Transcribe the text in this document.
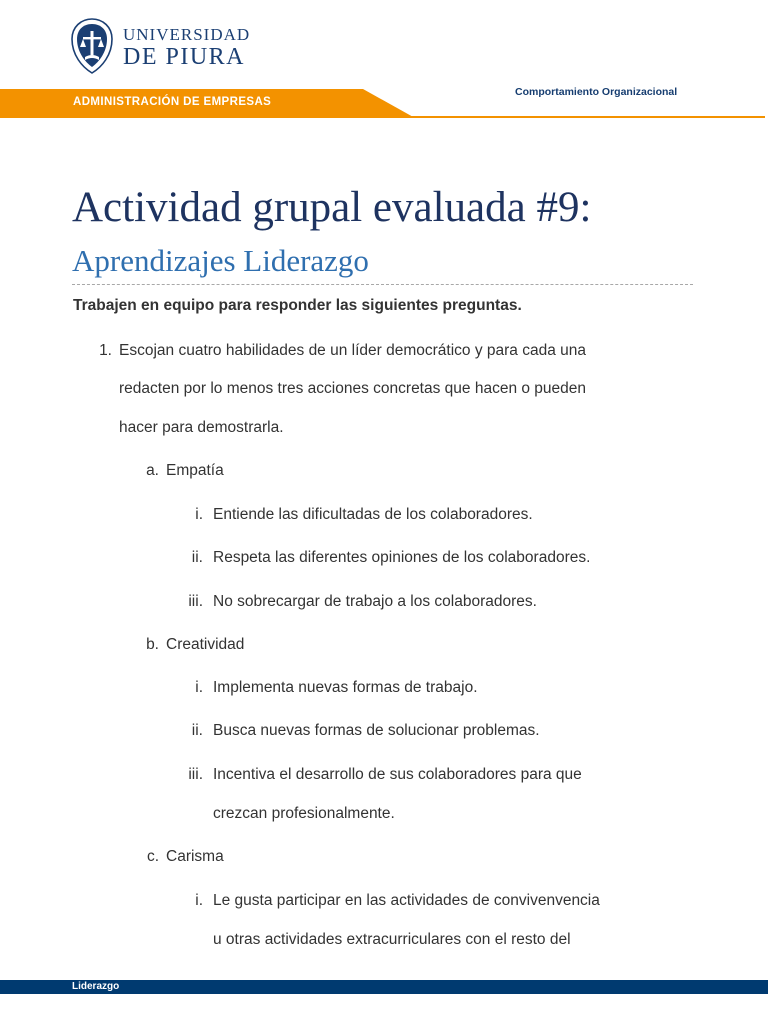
UNIVERSIDAD
DE PIURA
Comportamiento Organizacional
ADMINISTRACIÓN DE EMPRESAS
Actividad grupal evaluada #9:
Aprendizajes Liderazgo
Trabajen en equipo para responder las siguientes preguntas.
1. Escojan cuatro habilidades de un líder democrático y para cada una
redacten por lo menos tres acciones concretas que hacen o pueden
hacer para demostrarla.
a. Empatía
i. Entiende las dificultadas de los colaboradores.
ii. Respeta las diferentes opiniones de los colaboradores.
iii. No sobrecargar de trabajo a los colaboradores.
b. Creatividad
i. Implementa nuevas formas de trabajo.
ii. Busca nuevas formas de solucionar problemas.
iii. Incentiva el desarrollo de sus colaboradores para que
crezcan profesionalmente.
c. Carisma
i. Le gusta participar en las actividades de convivenvencia
u otras actividades extracurriculares con el resto del
Liderazgo
